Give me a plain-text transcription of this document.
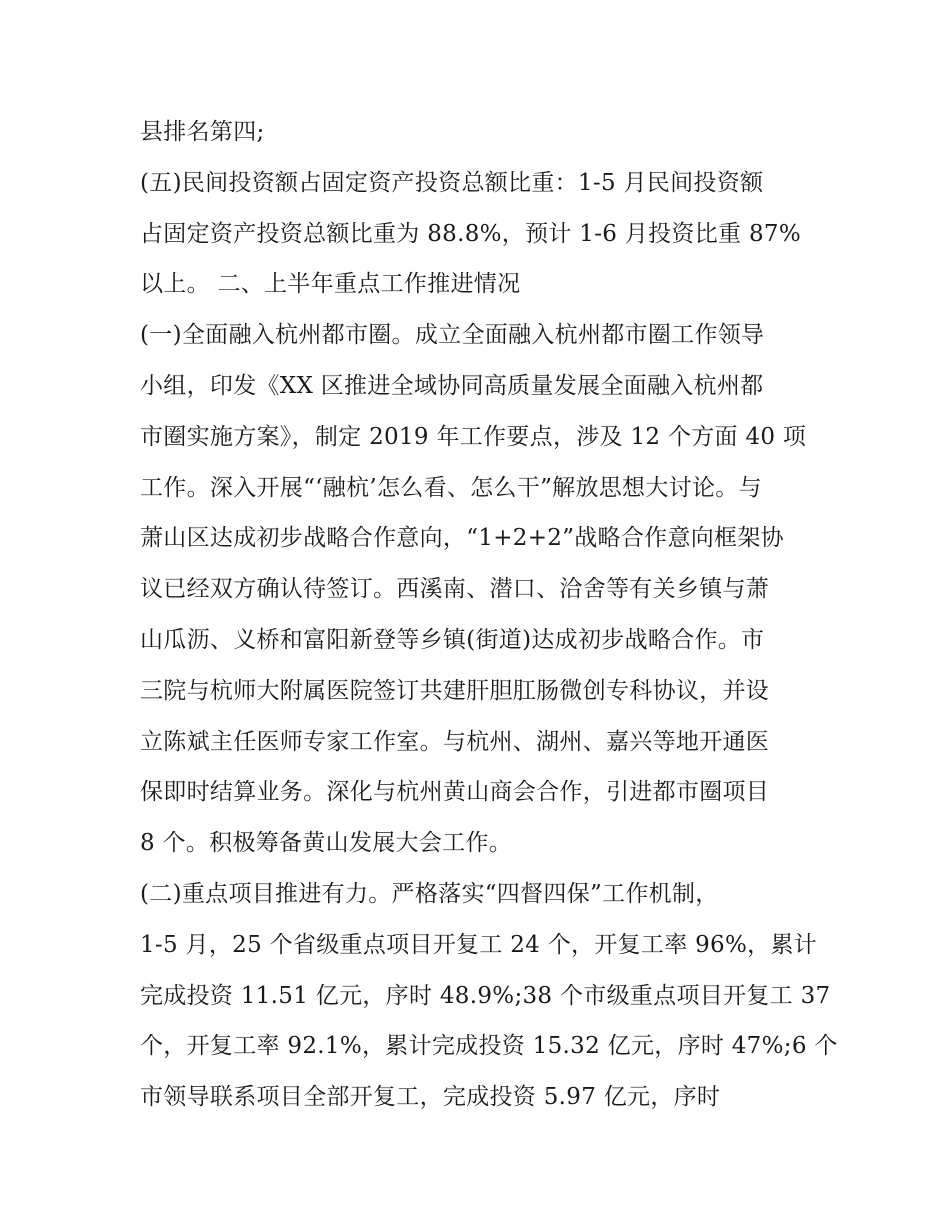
县排名第四;
(五)民间投资额占固定资产投资总额比重：1-5 月民间投资额
占固定资产投资总额比重为 88.8%，预计 1-6 月投资比重 87%
以上。 二、上半年重点工作推进情况
(一)全面融入杭州都市圈。成立全面融入杭州都市圈工作领导
小组，印发《XX 区推进全域协同高质量发展全面融入杭州都
市圈实施方案》，制定 2019 年工作要点，涉及 12 个方面 40 项
工作。深入开展“‘融杭’怎么看、怎么干”解放思想大讨论。与
萧山区达成初步战略合作意向，“1+2+2”战略合作意向框架协
议已经双方确认待签订。西溪南、潜口、洽舍等有关乡镇与萧
山瓜沥、义桥和富阳新登等乡镇(街道)达成初步战略合作。市
三院与杭师大附属医院签订共建肝胆肛肠微创专科协议，并设
立陈斌主任医师专家工作室。与杭州、湖州、嘉兴等地开通医
保即时结算业务。深化与杭州黄山商会合作，引进都市圈项目
8 个。积极筹备黄山发展大会工作。
(二)重点项目推进有力。严格落实“四督四保”工作机制，
1-5 月，25 个省级重点项目开复工 24 个，开复工率 96%，累计
完成投资 11.51 亿元，序时 48.9%;38 个市级重点项目开复工 37
个，开复工率 92.1%，累计完成投资 15.32 亿元，序时 47%;6 个
市领导联系项目全部开复工，完成投资 5.97 亿元，序时
